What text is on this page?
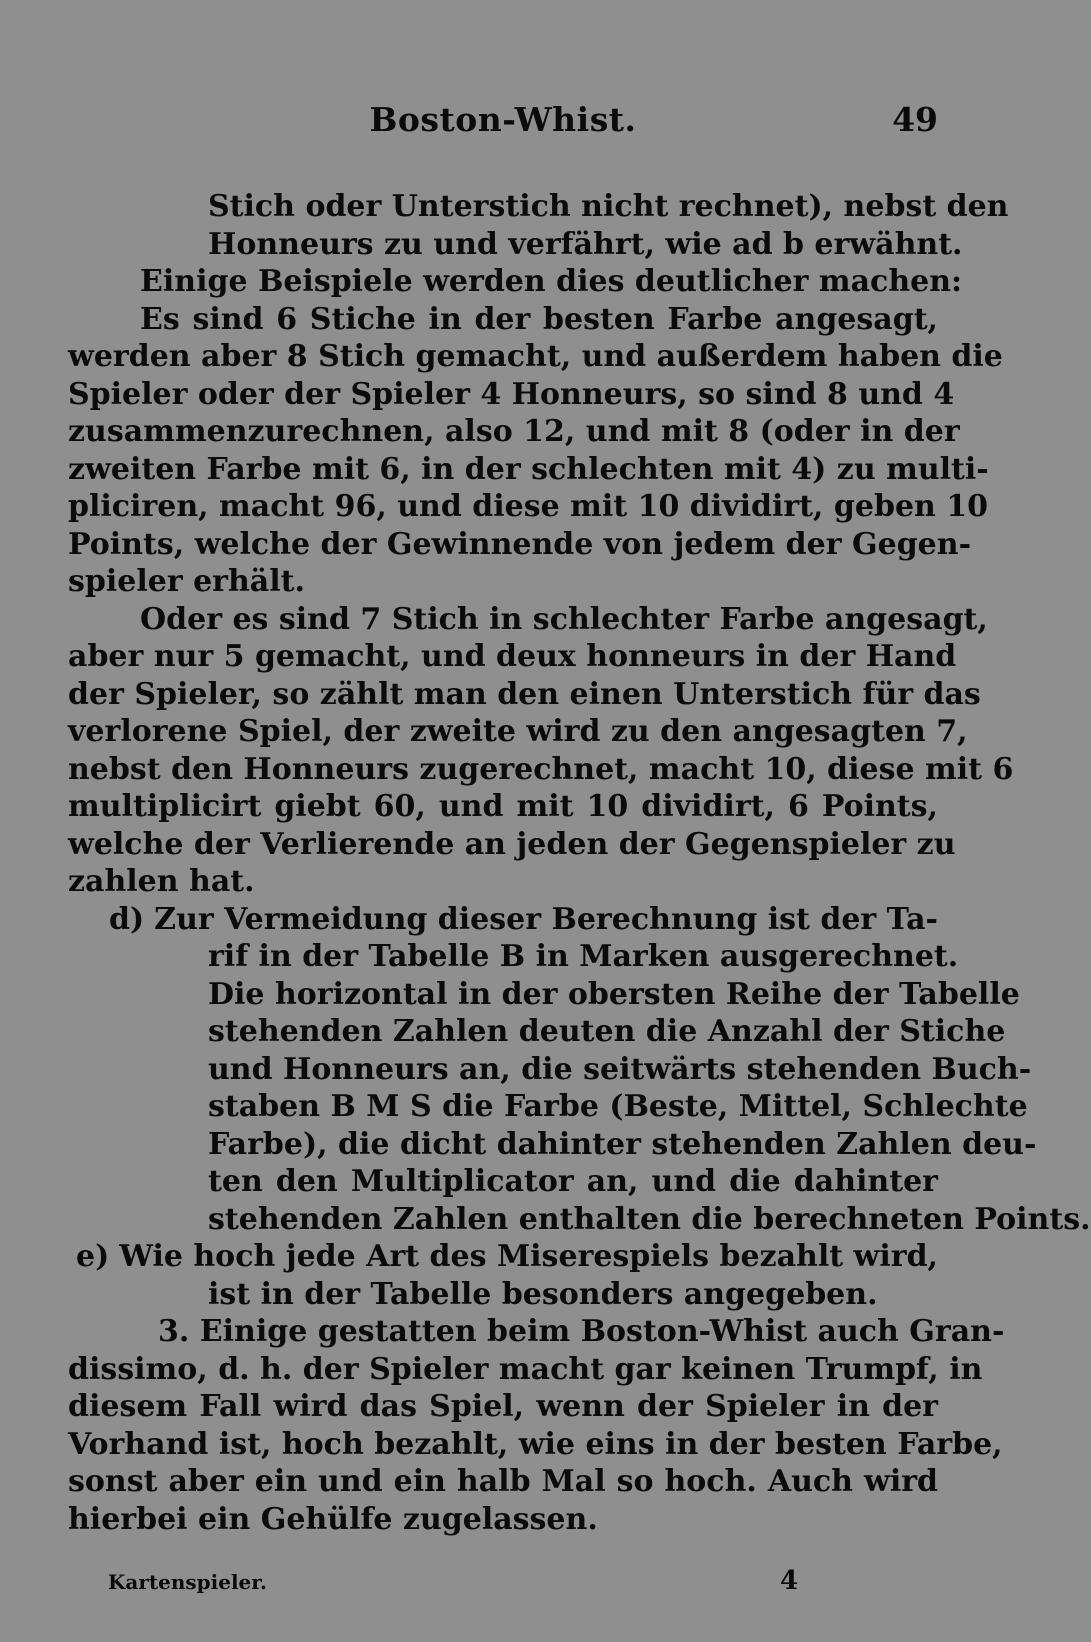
Boston-Whist.	49
Stich oder Unterstich nicht rechnet), nebst den
Honneurs zu und verfährt, wie ad b erwähnt.
Einige Beispiele werden dies deutlicher machen:
Es sind 6 Stiche in der besten Farbe angesagt,
werden aber 8 Stich gemacht, und außerdem haben die
Spieler oder der Spieler 4 Honneurs, so sind 8 und 4
zusammenzurechnen, also 12, und mit 8 (oder in der
zweiten Farbe mit 6, in der schlechten mit 4) zu multi-
pliciren, macht 96, und diese mit 10 dividirt, geben 10
Points, welche der Gewinnende von jedem der Gegen-
spieler erhält.
Oder es sind 7 Stich in schlechter Farbe angesagt,
aber nur 5 gemacht, und deux honneurs in der Hand
der Spieler, so zählt man den einen Unterstich für das
verlorene Spiel, der zweite wird zu den angesagten 7,
nebst den Honneurs zugerechnet, macht 10, diese mit 6
multiplicirt giebt 60, und mit 10 dividirt, 6 Points,
welche der Verlierende an jeden der Gegenspieler zu
zahlen hat.
d) Zur Vermeidung dieser Berechnung ist der Ta-
rif in der Tabelle B in Marken ausgerechnet.
Die horizontal in der obersten Reihe der Tabelle
stehenden Zahlen deuten die Anzahl der Stiche
und Honneurs an, die seitwärts stehenden Buch-
staben B M S die Farbe (Beste, Mittel, Schlechte
Farbe), die dicht dahinter stehenden Zahlen deu-
ten den Multiplicator an, und die dahinter
stehenden Zahlen enthalten die berechneten Points.
e) Wie hoch jede Art des Miserespiels bezahlt wird,
ist in der Tabelle besonders angegeben.
3. Einige gestatten beim Boston-Whist auch Gran-
dissimo, d. h. der Spieler macht gar keinen Trumpf, in
diesem Fall wird das Spiel, wenn der Spieler in der
Vorhand ist, hoch bezahlt, wie eins in der besten Farbe,
sonst aber ein und ein halb Mal so hoch. Auch wird
hierbei ein Gehülfe zugelassen.
Kartenspieler.	4
